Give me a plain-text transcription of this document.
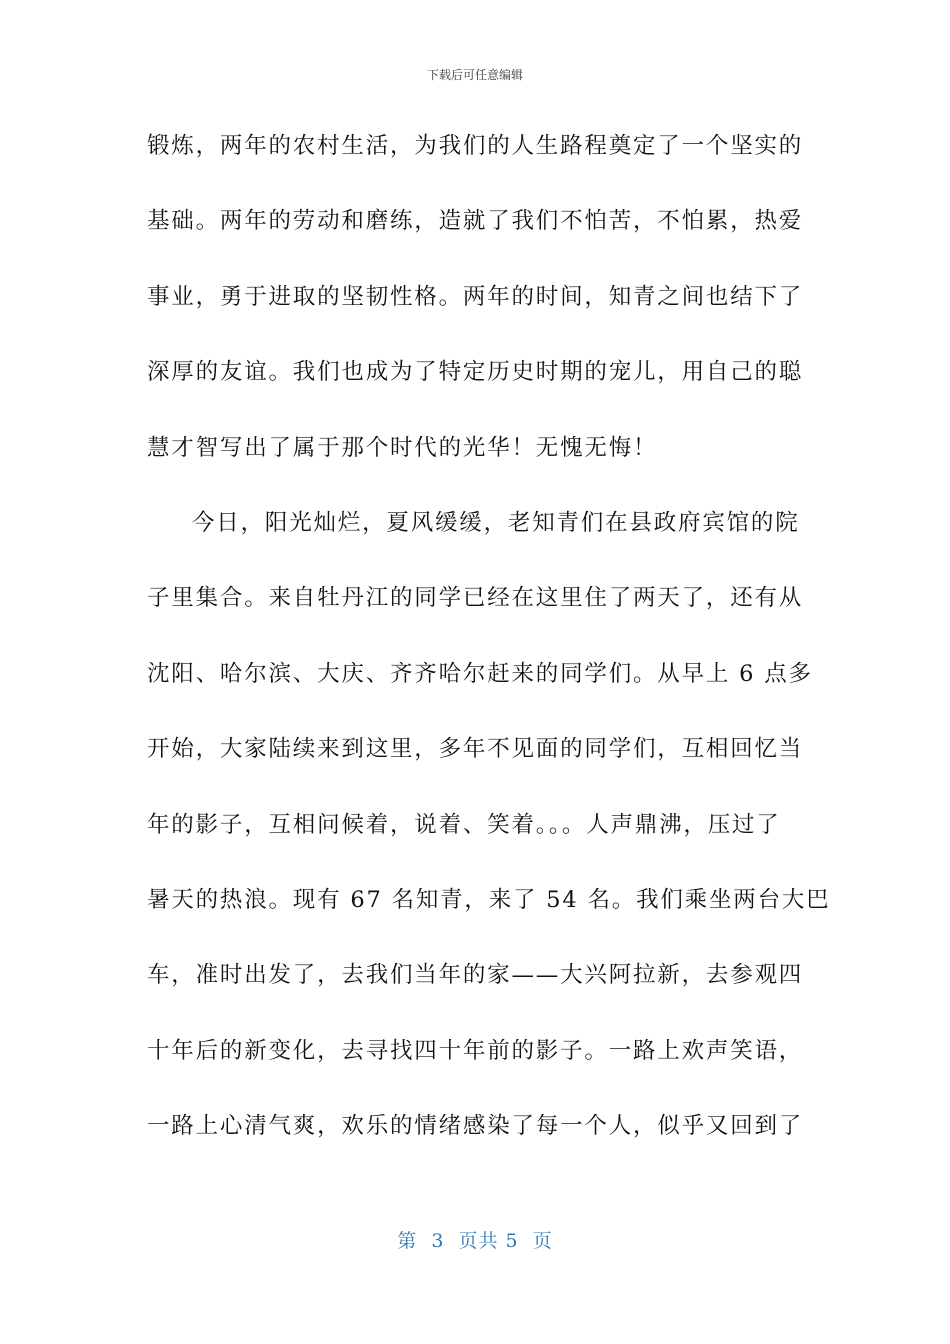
下载后可任意编辑
锻炼，两年的农村生活，为我们的人生路程奠定了一个坚实的
基础。两年的劳动和磨练，造就了我们不怕苦，不怕累，热爱
事业，勇于进取的坚韧性格。两年的时间，知青之间也结下了
深厚的友谊。我们也成为了特定历史时期的宠儿，用自己的聪
慧才智写出了属于那个时代的光华！无愧无悔！
今日，阳光灿烂，夏风缓缓，老知青们在县政府宾馆的院
子里集合。来自牡丹江的同学已经在这里住了两天了，还有从
沈阳、哈尔滨、大庆、齐齐哈尔赶来的同学们。从早上 6 点多
开始，大家陆续来到这里，多年不见面的同学们，互相回忆当
年的影子，互相问候着，说着、笑着。。。人声鼎沸，压过了
暑天的热浪。现有 67 名知青，来了 54 名。我们乘坐两台大巴
车，准时出发了，去我们当年的家——大兴阿拉新，去参观四
十年后的新变化，去寻找四十年前的影子。一路上欢声笑语，
一路上心清气爽，欢乐的情绪感染了每一个人，似乎又回到了
第  3  页共 5  页
